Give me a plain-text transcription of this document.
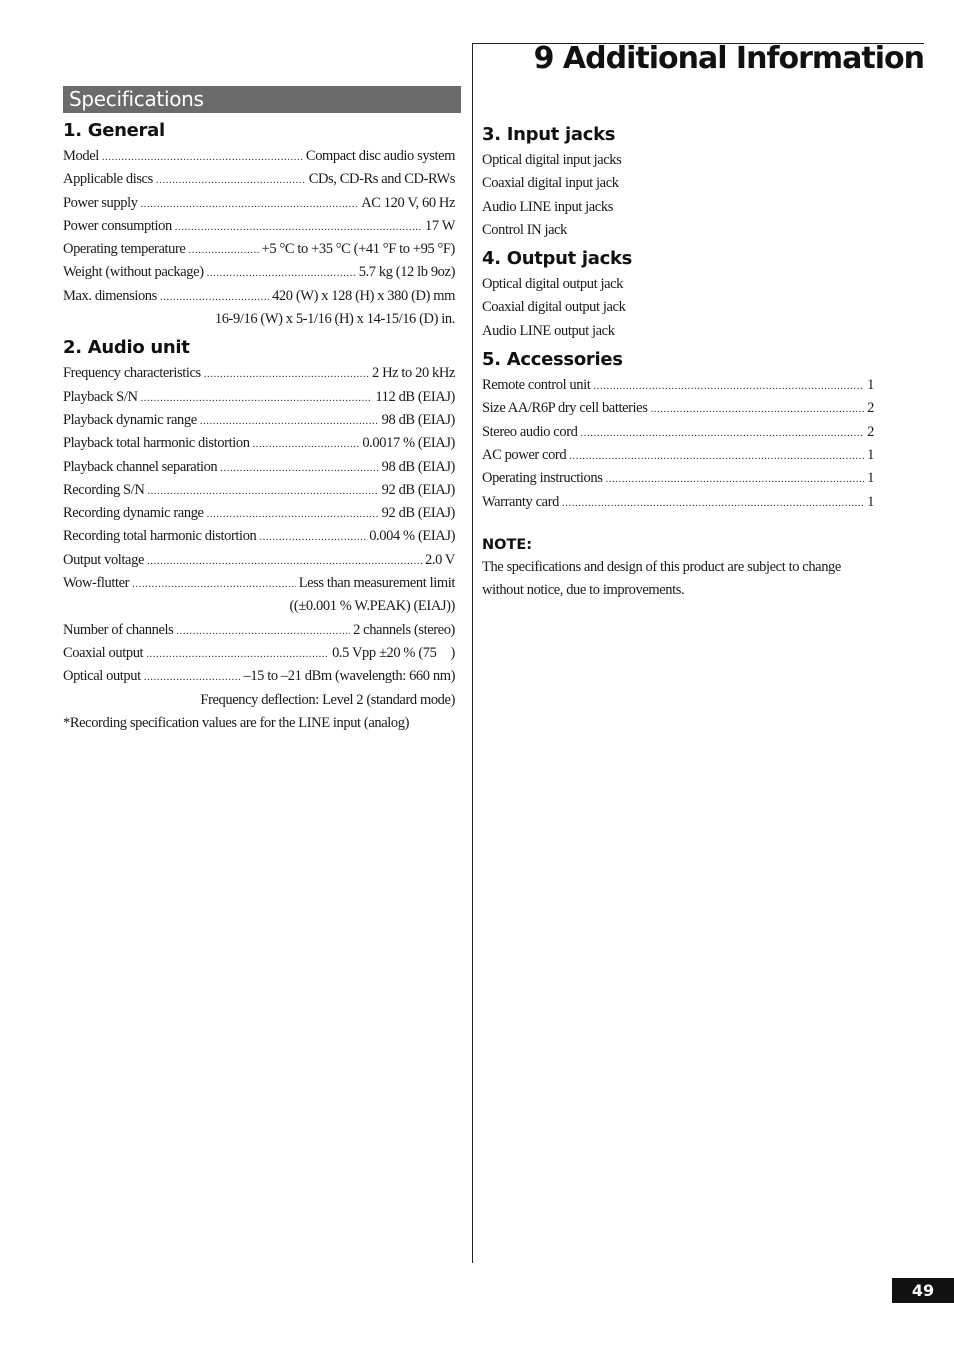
9 Additional Information
Specifications
1. General
Model .....	Compact disc audio system
Applicable discs .....	CDs, CD-Rs and CD-RWs
Power supply .....	AC 120 V, 60 Hz
Power consumption .....	17 W
Operating temperature .....	+5 °C to +35 °C (+41 °F to +95 °F)
Weight (without package) .....	5.7 kg (12 lb 9oz)
Max. dimensions .....	420 (W) x 128 (H) x 380 (D) mm
16-9/16 (W) x 5-1/16 (H) x 14-15/16 (D) in.
2. Audio unit
Frequency characteristics .....	2 Hz to 20 kHz
Playback S/N .....	112 dB (EIAJ)
Playback dynamic range .....	98 dB (EIAJ)
Playback total harmonic distortion .....	0.0017 % (EIAJ)
Playback channel separation .....	98 dB (EIAJ)
Recording S/N .....	92 dB (EIAJ)
Recording dynamic range .....	92 dB (EIAJ)
Recording total harmonic distortion .....	0.004 % (EIAJ)
Output voltage .....	2.0 V
Wow-flutter .....	Less than measurement limit
((±0.001 % W.PEAK) (EIAJ))
Number of channels .....	2 channels (stereo)
Coaxial output .....	0.5 Vpp ±20 % (75 )
Optical output .....	–15 to –21 dBm (wavelength: 660 nm)
Frequency deflection: Level 2 (standard mode)
*Recording specification values are for the LINE input (analog)
3. Input jacks
Optical digital input jacks
Coaxial digital input jack
Audio LINE input jacks
Control IN jack
4. Output jacks
Optical digital output jack
Coaxial digital output jack
Audio LINE output jack
5. Accessories
Remote control unit .....	1
Size AA/R6P dry cell batteries .....	2
Stereo audio cord .....	2
AC power cord .....	1
Operating instructions .....	1
Warranty card .....	1
NOTE:
The specifications and design of this product are subject to change
without notice, due to improvements.
49
